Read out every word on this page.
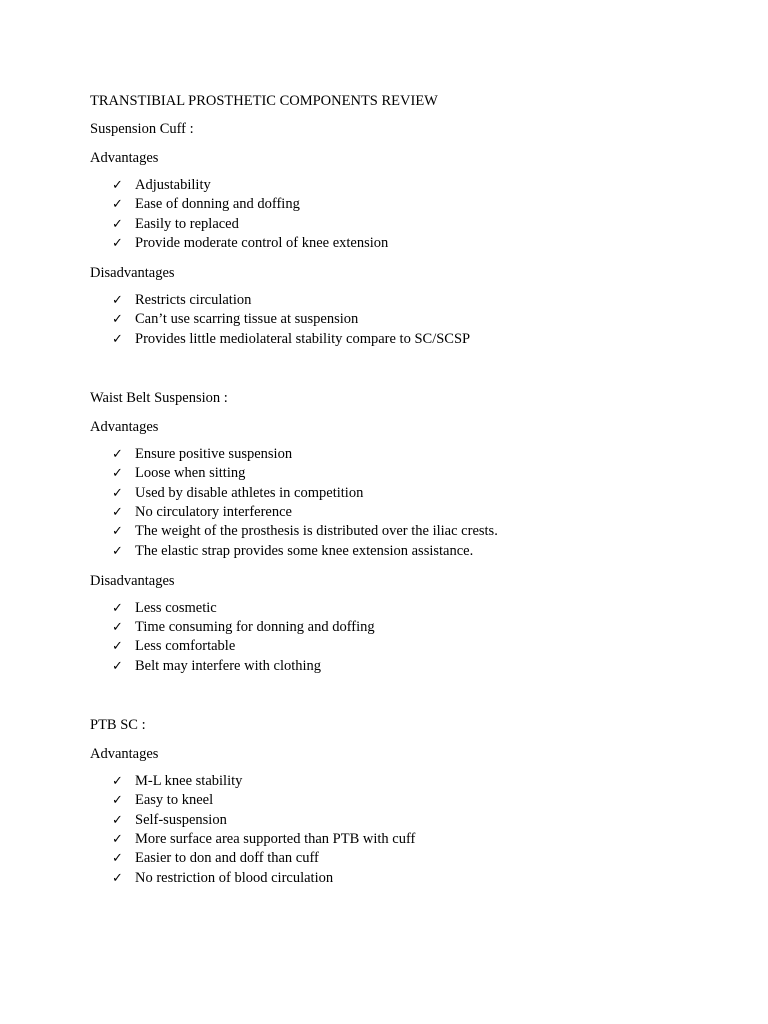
TRANSTIBIAL PROSTHETIC COMPONENTS REVIEW
Suspension Cuff :
Advantages
✓ Adjustability
✓ Ease of donning and doffing
✓ Easily to replaced
✓ Provide moderate control of knee extension
Disadvantages
✓ Restricts circulation
✓ Can’t use scarring tissue at suspension
✓ Provides little mediolateral stability compare to SC/SCSP
Waist Belt Suspension :
Advantages
✓ Ensure positive suspension
✓ Loose when sitting
✓ Used by disable athletes in competition
✓ No circulatory interference
✓ The weight of the prosthesis is distributed over the iliac crests.
✓ The elastic strap provides some knee extension assistance.
Disadvantages
✓ Less cosmetic
✓ Time consuming for donning and doffing
✓ Less comfortable
✓ Belt may interfere with clothing
PTB SC :
Advantages
✓ M-L knee stability
✓ Easy to kneel
✓ Self-suspension
✓ More surface area supported than PTB with cuff
✓ Easier to don and doff than cuff
✓ No restriction of blood circulation
